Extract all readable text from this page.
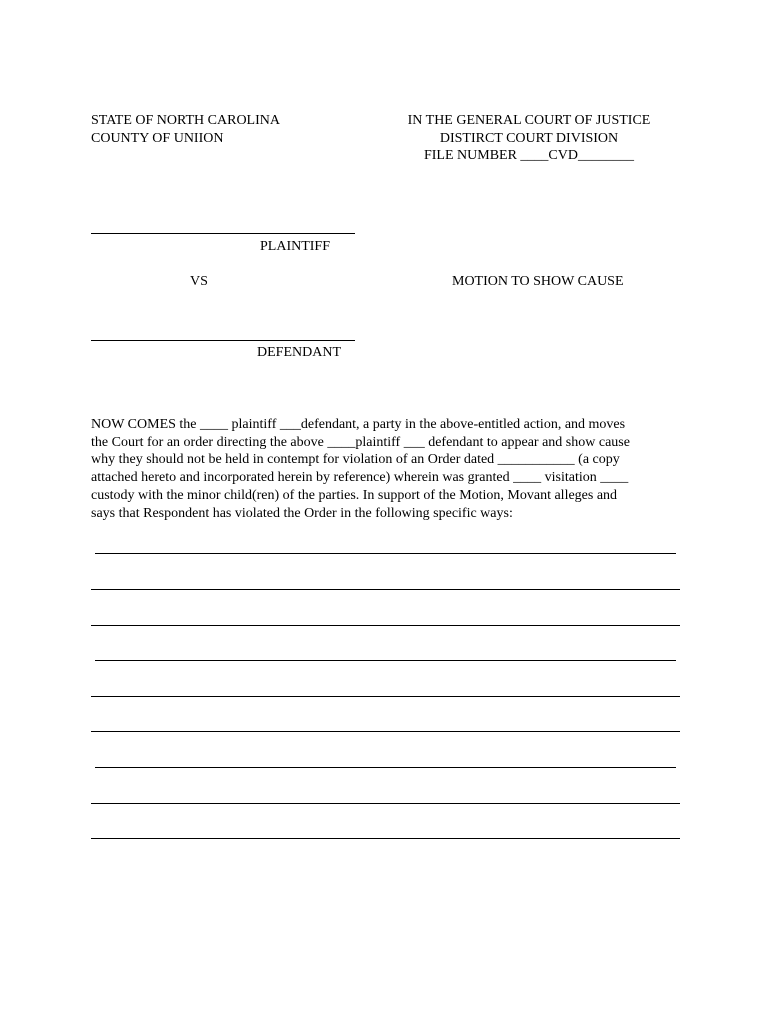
STATE OF NORTH CAROLINA
COUNTY OF UNIION
IN THE GENERAL COURT OF JUSTICE
DISTIRCT COURT DIVISION
FILE NUMBER ____CVD________
PLAINTIFF
VS	MOTION TO SHOW CAUSE
DEFENDANT
NOW COMES the ____ plaintiff ___defendant, a party in the above-entitled action, and moves
the Court for an order directing the above ____plaintiff ___ defendant to appear and show cause
why they should not be held in contempt for violation of an Order dated ___________ (a copy
attached hereto and incorporated herein by reference) wherein was granted ____ visitation ____
custody with the minor child(ren) of the parties. In support of the Motion, Movant alleges and
says that Respondent has violated the Order in the following specific ways:
